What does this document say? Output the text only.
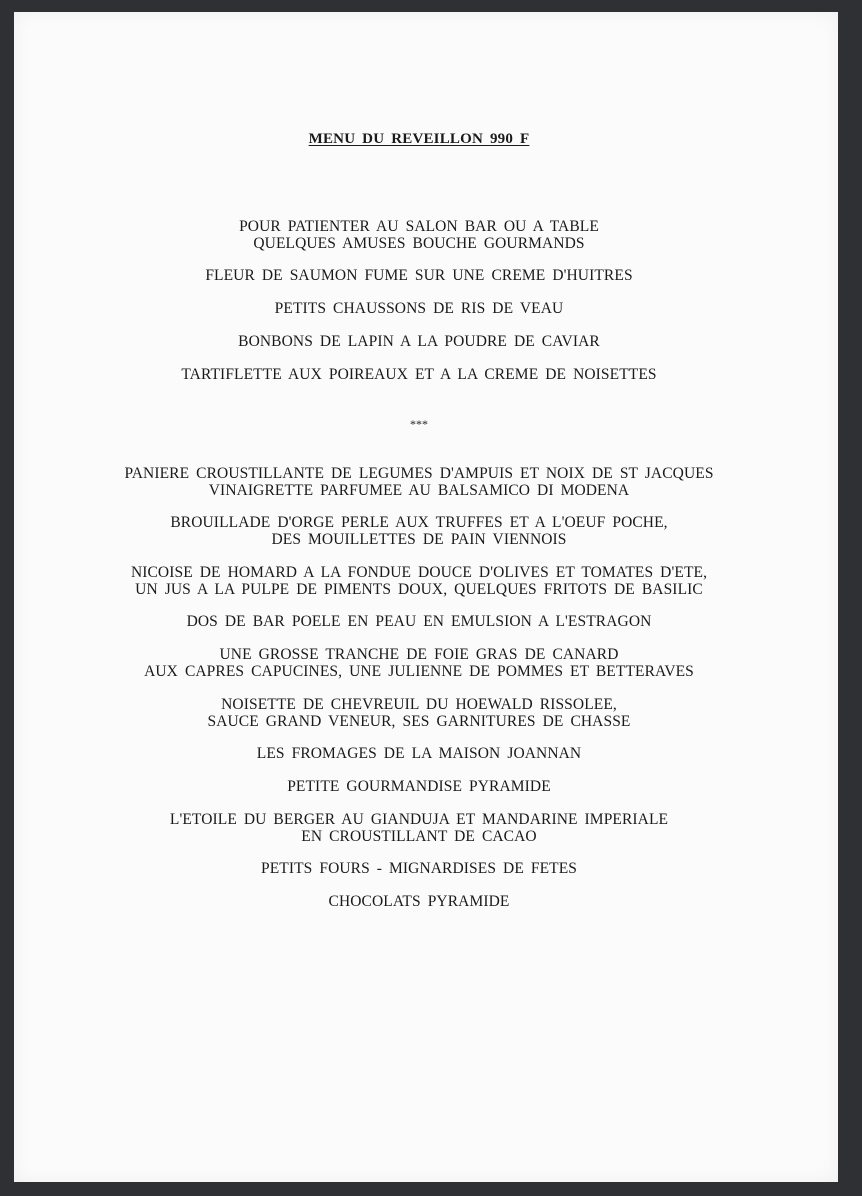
MENU DU REVEILLON 990 F

POUR PATIENTER AU SALON BAR OU A TABLE
QUELQUES AMUSES BOUCHE GOURMANDS

FLEUR DE SAUMON FUME SUR UNE CREME D'HUITRES

PETITS CHAUSSONS DE RIS DE VEAU

BONBONS DE LAPIN A LA POUDRE DE CAVIAR

TARTIFLETTE AUX POIREAUX ET A LA CREME DE NOISETTES

***

PANIERE CROUSTILLANTE DE LEGUMES D'AMPUIS ET NOIX DE ST JACQUES
VINAIGRETTE PARFUMEE AU BALSAMICO DI MODENA

BROUILLADE D'ORGE PERLE AUX TRUFFES ET A L'OEUF POCHE,
DES MOUILLETTES DE PAIN VIENNOIS

NICOISE DE HOMARD A LA FONDUE DOUCE D'OLIVES ET TOMATES D'ETE,
UN JUS A LA PULPE DE PIMENTS DOUX, QUELQUES FRITOTS DE BASILIC

DOS DE BAR POELE EN PEAU EN EMULSION A L'ESTRAGON

UNE GROSSE TRANCHE DE FOIE GRAS DE CANARD
AUX CAPRES CAPUCINES, UNE JULIENNE DE POMMES ET BETTERAVES

NOISETTE DE CHEVREUIL DU HOEWALD RISSOLEE,
SAUCE GRAND VENEUR, SES GARNITURES DE CHASSE

LES FROMAGES DE LA MAISON JOANNAN

PETITE GOURMANDISE PYRAMIDE

L'ETOILE DU BERGER AU GIANDUJA ET MANDARINE IMPERIALE
EN CROUSTILLANT DE CACAO

PETITS FOURS - MIGNARDISES DE FETES

CHOCOLATS PYRAMIDE
